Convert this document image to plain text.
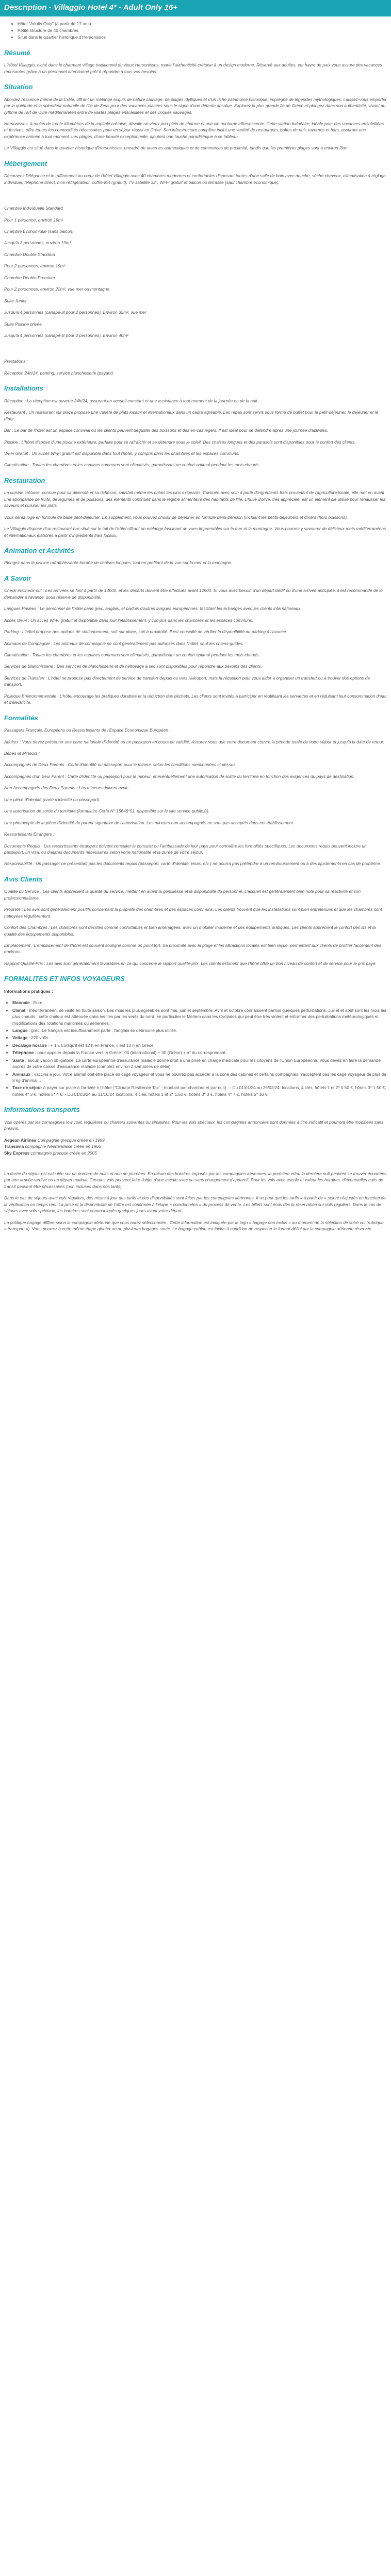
Description - Villaggio Hotel 4* - Adult Only 16+
• Hôtel "Adults Only" (à partir de 17 ans)
• Petite structure de 40 chambres
• Situé dans le quartier historique d'Hersonissos
Résumé

L'Hôtel Villaggio, niché dans le charmant village traditionnel du vieux Hersonissos, marie l'authenticité crétoise à un design moderne. Réservé aux adultes, cet havre de paix vous assure des vacances reposantes grâce à un personnel attentionné prêt à répondre à tous vos besoins.

Situation

Abordez l'essence même de la Crète, offrant un mélange exquis de nature sauvage, de plages idylliques et d'un riche patrimoine historique, imprégné de légendes mythologiques. Laissez-vous emporter par la quiétude et la splendeur naturelle de l'île de Zeus pour des vacances placées sous le signe d'une détente absolue. Explorez la plus grande île de Grèce et plongez dans son authenticité, vivant au rythme de l'art de vivre méditerranéen entre de vastes plages ensoleillées et des criques sauvages.

Hersonissos, à moins de trente kilomètres de la capitale crétoise, dévoile un vieux port plein de charme et une vie nocturne effervescente. Cette station balnéaire, idéale pour des vacances ensoleillées et festives, offre toutes les commodités nécessaires pour un séjour réussi en Crète. Son infrastructure complète inclut une variété de restaurants, boîtes de nuit, tavernes et bars, assurant une expérience animée à tout moment. Les plages, d'une beauté exceptionnelle, ajoutent une touche paradisiaque à ce tableau.

Le Villaggio est situé dans le quartier historique d'Hersonissos, encadré de tavernes authentiques et de commerces de proximité, tandis que les premières plages sont à environ 2km.

Hébergement

Découvrez l'élégance et le raffinement au cœur de l'hôtel Villaggio avec 40 chambres modernes et confortables disposant toutes d'une salle de bain avec douche, sèche-cheveux, climatisation à réglage individuel, téléphone direct, mini-réfrigérateur, coffre-fort (gratuit), TV satellite 32", Wi-Fi gratuit et balcon ou terrasse (sauf chambre économique).

Chambre Individuelle Standard

Pour 1 personne, environ 19m²

Chambre Économique (sans balcon)

Jusqu'à 3 personnes, environ 19m²

Chambre Double Standard

Pour 2 personnes, environ 19m²

Chambre Double Premium

Pour 2 personnes, environ 22m², vue mer ou montagne

Suite Junior

Jusqu'à 4 personnes (canapé-lit pour 2 personnes). Environ 35m², vue mer

Suite Piscine privée

Jusqu'à 4 personnes (canapé-lit pour 2 personnes). Environ 40m²

Prestations :

Réception 24h/24, parking, service blanchisserie (payant)

Installations

Réception : La réception est ouverte 24h/24, assurant un accueil constant et une assistance à tout moment de la journée ou de la nuit.

Restaurant : Un restaurant sur place propose une variété de plats locaux et internationaux dans un cadre agréable. Les repas sont servis sous forme de buffet pour le petit-déjeuner, le déjeuner et le dîner.

Bar : Le bar de l'hôtel est un espace convivial où les clients peuvent déguster des boissons et des en-cas légers. Il est idéal pour se détendre après une journée d'activités.

Piscine : L'hôtel dispose d'une piscine extérieure, parfaite pour se rafraîchir et se détendre sous le soleil. Des chaises longues et des parasols sont disponibles pour le confort des clients.

Wi-Fi Gratuit : Un accès Wi-Fi gratuit est disponible dans tout l'hôtel, y compris dans les chambres et les espaces communs.

Climatisation : Toutes les chambres et les espaces communs sont climatisés, garantissant un confort optimal pendant les mois chauds.

Restauration

La cuisine crétoise, connue pour sa diversité et sa richesse, satisfait même les palais les plus exigeants. Cuisinée avec soin à partir d'ingrédients frais provenant de l'agriculture locale, elle met en avant une abondance de fruits, de légumes et de poissons, des éléments continuez dans le régime alimentaire des habitants de l'île. L'huile d'olive, très appréciée, est un élément clé utilisé pour rehausser les saveurs et cuisiner les plats.

Vous serez logé en formule de base petit-déjeuner. En supplément, vous pouvez choisir de déjeuner en formule demi-pension (incluant les petits-déjeuners et dîners (hors boissons).

Le Villaggio dispose d'un restaurant-bar situé sur le toit de l'hôtel offrant un mélange fascinant de vues imprenables sur la mer et la montagne. Vous pourrez y savourer de délicieux mets méditerranéens et internationaux élaborés à partir d'ingrédients frais locaux.

Animation et Activités

Plongez dans la piscine rafraîchissante bordée de chaises longues, tout en profitant de la vue sur la mer et la montagne.

A Savoir

Check-in/Check-out : Les arrivées se font à partir de 14h00, et les départs doivent être effectués avant 12h00. Si vous avez besoin d'un départ tardif ou d'une arrivée anticipée, il est recommandé de le demander à l'avance, sous réserve de disponibilité.

Langues Parlées : Le personnel de l'hôtel parle grec, anglais, et parfois d'autres langues européennes, facilitant les échanges avec les clients internationaux.

Accès Wi-Fi : Un accès Wi-Fi gratuit et disponible dans tout l'établissement, y compris dans les chambres et les espaces communs.

Parking : L'hôtel propose des options de stationnement, soit sur place, soit à proximité. Il est conseillé de vérifier la disponibilité du parking à l'avance.

Animaux de Compagnie : Les animaux de compagnie ne sont généralement pas autorisés dans l'hôtel, sauf les chiens-guides.

Climatisation : Toutes les chambres et les espaces communs sont climatisés, garantissant un confort optimal pendant les mois chauds.

Services de Blanchisserie : Des services de blanchisserie et de nettoyage à sec sont disponibles pour répondre aux besoins des clients.

Services de Transfert : L'hôtel ne propose pas directement de service de transfert depuis ou vers l'aéroport, mais la réception peut vous aider à organiser un transfert ou à trouver des options de transport.

Politique Environnementale : L'hôtel encourage les pratiques durables et la réduction des déchets. Les clients sont invités à participer en réutilisant les serviettes et en réduisant leur consommation d'eau et d'électricité.

Formalités

Passagers Français, Européens ou Ressortissants de l'Espace Économique Européen :

Adultes : Vous devez présenter une carte nationale d'identité ou un passeport en cours de validité. Assurez-vous que votre document couvre la période totale de votre séjour et jusqu'à la date de retour.

Bébés et Mineurs :

Accompagnés de Deux Parents : Carte d'identité ou passeport pour le mineur, selon les conditions mentionnées ci-dessus.

Accompagnés d'un Seul Parent : Carte d'identité ou passeport pour le mineur, et éventuellement une autorisation de sortie du territoire en fonction des exigences du pays de destination.

Non Accompagnés des Deux Parents : Les mineurs doivent avoir :

Une pièce d'identité (carte d'identité ou passeport).

Une autorisation de sortie du territoire (formulaire Cerfa N° 15646*01, disponible sur le site service-public.fr).

Une photocopie de la pièce d'identité du parent signataire de l'autorisation. Les mineurs non-accompagnés ne sont pas acceptés dans cet établissement.

Ressortissants Étrangers :

Documents Requis : Les ressortissants étrangers doivent consulter le consulat ou l'ambassade de leur pays pour connaître les formalités spécifiques. Les documents requis peuvent inclure un passeport, un visa, ou d'autres documents nécessaires selon votre nationalité et la durée de votre séjour.

Responsabilité : Un passager ne présentant pas les documents requis (passeport, carte d'identité, visas, etc.) ne pourra pas prétendre à un remboursement ou à des ajustements en cas de problème.

Avis Clients

Qualité du Service : Les clients apprécient la qualité du service, mettant en avant la gentillesse et la disponibilité du personnel. L'accueil est généralement bien noté pour sa réactivité et son professionnalisme.

Propreté : Les avis sont généralement positifs concernant la propreté des chambres et des espaces communs. Les clients trouvent que les installations sont bien entretenues et que les chambres sont nettoyées régulièrement.

Confort des Chambres : Les chambres sont décrites comme confortables et bien aménagées, avec un mobilier moderne et des équipements pratiques. Les clients apprécient le confort des lits et la qualité des équipements disponibles.

Emplacement : L'emplacement de l'hôtel est souvent souligné comme un point fort. Sa proximité avec la plage et les attractions locales est bien reçue, permettant aux clients de profiter facilement des environs.

Rapport Qualité-Prix : Les avis sont généralement favorables en ce qui concerne le rapport qualité-prix. Les clients estiment que l'hôtel offre un bon niveau de confort et de service pour le prix payé.

FORMALITES ET INFOS VOYAGEURS

Informations pratiques :

• Monnaie : Euro.
• Climat : méditerranéen, se visite en toute saison. Les mois les plus agréables sont mai, juin et septembre. Avril et octobre connaissent parfois quelques perturbations. Juillet et août sont les mois les plus chauds ; cette chaleur est atténuée dans les îles par les vents du nord, en particulier le Meltem dans les Cyclades qui peut être très violent et entraîner des perturbations météorologiques et modifications des rotations maritimes ou aériennes.
• Langue : grec. Le français est insuffisamment parlé ; l'anglais se débrouille plus utilisé.
• Voltage : 220 volts.
• Décalage horaire : + 1h. Lorsqu'il est 12 h en France, il est 13 h en Grèce.
• Téléphone : pour appeler depuis la France vers la Grèce : 00 (international) + 30 (Grèce) + n° du correspondant.
• Santé : aucun vaccin obligatoire. La carte européenne d'assurance maladie donne droit à une prise en charge médicale pour les citoyens de l'Union Européenne. Vous devez en faire la demande auprès de votre caisse d'assurance maladie (comptez environ 2 semaines de délai).
• Animaux : vaccins à jour. Votre animal doit être placé en cage voyageur et vous ne pourrez pas accéder à la zone des cabines et certains compagnies n'acceptent pas les cage voyageur de plus de 8 kg d'animal...
• Taxe de séjour à payer sur place à l'arrivée à l'hôtel ("Climate Resilience Tax" ; montant par chambre et par nuit) : - Du 01/01/24 au 29/02/24: locations, 4 clés, hôtels 1 et 2* 0,50 €, hôtels 3* 1,50 €, hôtels 4* 3 €, hôtels 5* 4 €. - Du 01/03/24 au 31/10/24 locations, 4 clés, hôtels 1 et 2* 1,50 €, hôtels 3* 3 €, hôtels 4* 7 €, hôtels 5* 10 €.
Informations transports

Vols opérés par les compagnies low cost, régulières ou charters suivantes ou similaires. Pour les vols spéciaux, les compagnies annoncées sont données à titre indicatif et pourront être modifiées sans préavis.

Aegean Airlines Compagnie grecque créée en 1999
Transavia compagnie Néerlandaise créée en 1966
Sky Express compagnie grecque créée en 2005

La durée du séjour est calculée sur un nombre de nuits et non de journées. En raison des horaires imposés par les compagnies aériennes, la première et/ou la dernière nuit peuvent se trouver écourtées par une arrivée tardive ou un départ matinal. Certains vols peuvent faire l'objet d'une escale avec ou sans changement d'appareil. Pour les vols avec escale et valeur les horaires, d'éventuelles nuits de transit peuvent être nécessaires (non incluses dans nos tarifs).

Dans le cas de séjours avec vols réguliers, des mises à jour des tarifs et des disponibilités sont faites par les compagnies aériennes. Il se peut que les tarifs « à partir de » soient réajustés en fonction de la vérification en temps réel. La prise et la disponibilité de l'offre est confirmée à l'étape « coordonnées » du process de vente. Les billets sont émis dès la réservation sur vols réguliers. Dans le cas de séjours avec vols spéciaux, les horaires sont communiqués quelques jours avant votre départ.

La politique bagage diffère selon la compagnie aérienne que vous aurez sélectionnée : Cette information est indiquée par le logo « bagage non inclus » au moment de la sélection de votre vol (rubrique « transport »). Vous pourrez à cette même étape ajouter un ou plusieurs bagages soute. Le bagage cabine est inclus à condition de respecter le format défini par la compagnie aérienne réservée.
